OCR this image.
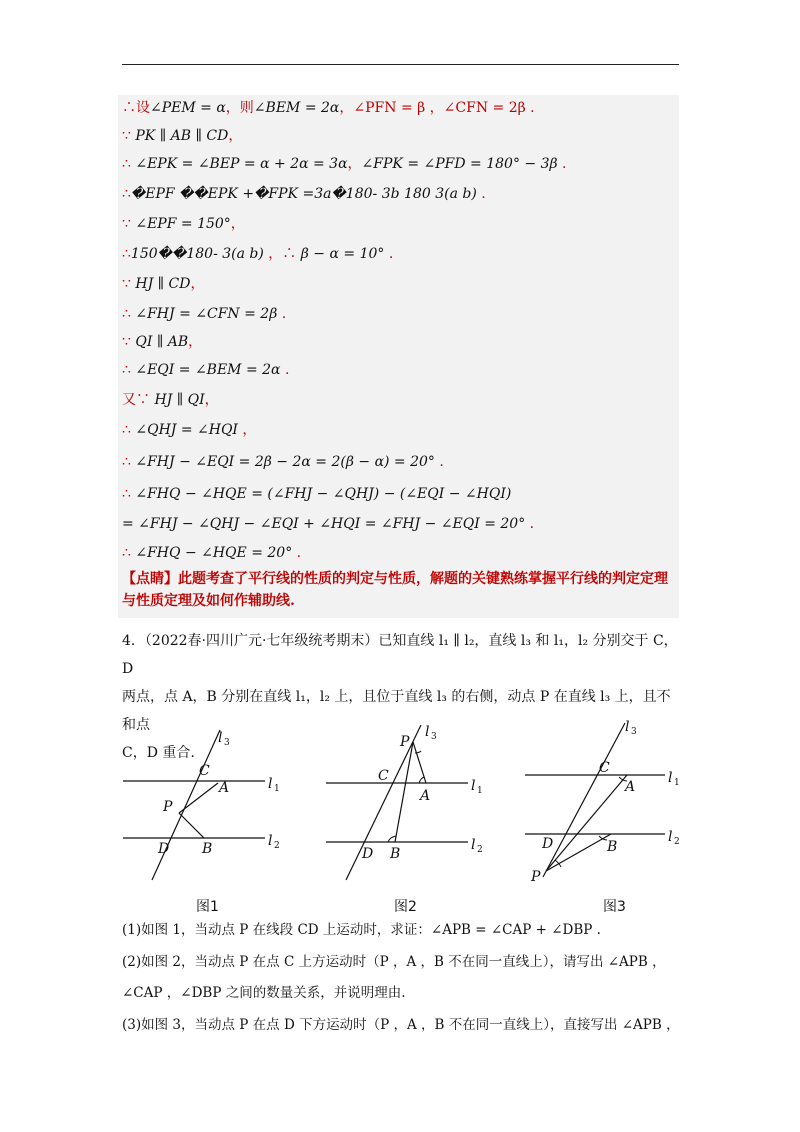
∴设∠PEM = α，则∠BEM = 2α，∠PFN = β ，∠CFN = 2β .
∵ PK ∥ AB ∥ CD，
∴ ∠EPK = ∠BEP = α + 2α = 3α，∠FPK = ∠PFD = 180° − 3β .
∴�EPF ��EPK +�FPK =3a�180- 3b 180 3(a b) .
∵ ∠EPF = 150°，
∴150��180- 3(a b) ，∴ β − α = 10° .
∵ HJ ∥ CD，
∴ ∠FHJ = ∠CFN = 2β .
∵ QI ∥ AB，
∴ ∠EQI = ∠BEM = 2α .
又∵ HJ ∥ QI，
∴ ∠QHJ = ∠HQI ，
∴ ∠FHJ − ∠EQI = 2β − 2α = 2(β − α) = 20° .
∴ ∠FHQ − ∠HQE = (∠FHJ − ∠QHJ) − (∠EQI − ∠HQI)
= ∠FHJ − ∠QHJ − ∠EQI + ∠HQI = ∠FHJ − ∠EQI = 20° .
∴ ∠FHQ − ∠HQE = 20° .
【点睛】此题考查了平行线的性质的判定与性质，解题的关键熟练掌握平行线的判定定理与性质定理及如何作辅助线.
4．（2022春·四川广元·七年级统考期末）已知直线 l₁ ∥ l₂，直线 l₃ 和 l₁，l₂ 分别交于 C，D
两点，点 A，B 分别在直线 l₁，l₂ 上，且位于直线 l₃ 的右侧，动点 P 在直线 l₃ 上，且不和点
C，D 重合.
l 3
l 1
l 2
C
A
P
D B
l 3
P
C
A
l 1
l 2
D B
l 3
C
A
l 1
l 2
D	B
P
图1	图2	图3
(1)如图 1，当动点 P 在线段 CD 上运动时，求证：∠APB = ∠CAP + ∠DBP .
(2)如图 2，当动点 P 在点 C 上方运动时（P ，A ，B 不在同一直线上），请写出 ∠APB ，
∠CAP ，∠DBP 之间的数量关系，并说明理由.
(3)如图 3，当动点 P 在点 D 下方运动时（P ，A ，B 不在同一直线上），直接写出 ∠APB ，
